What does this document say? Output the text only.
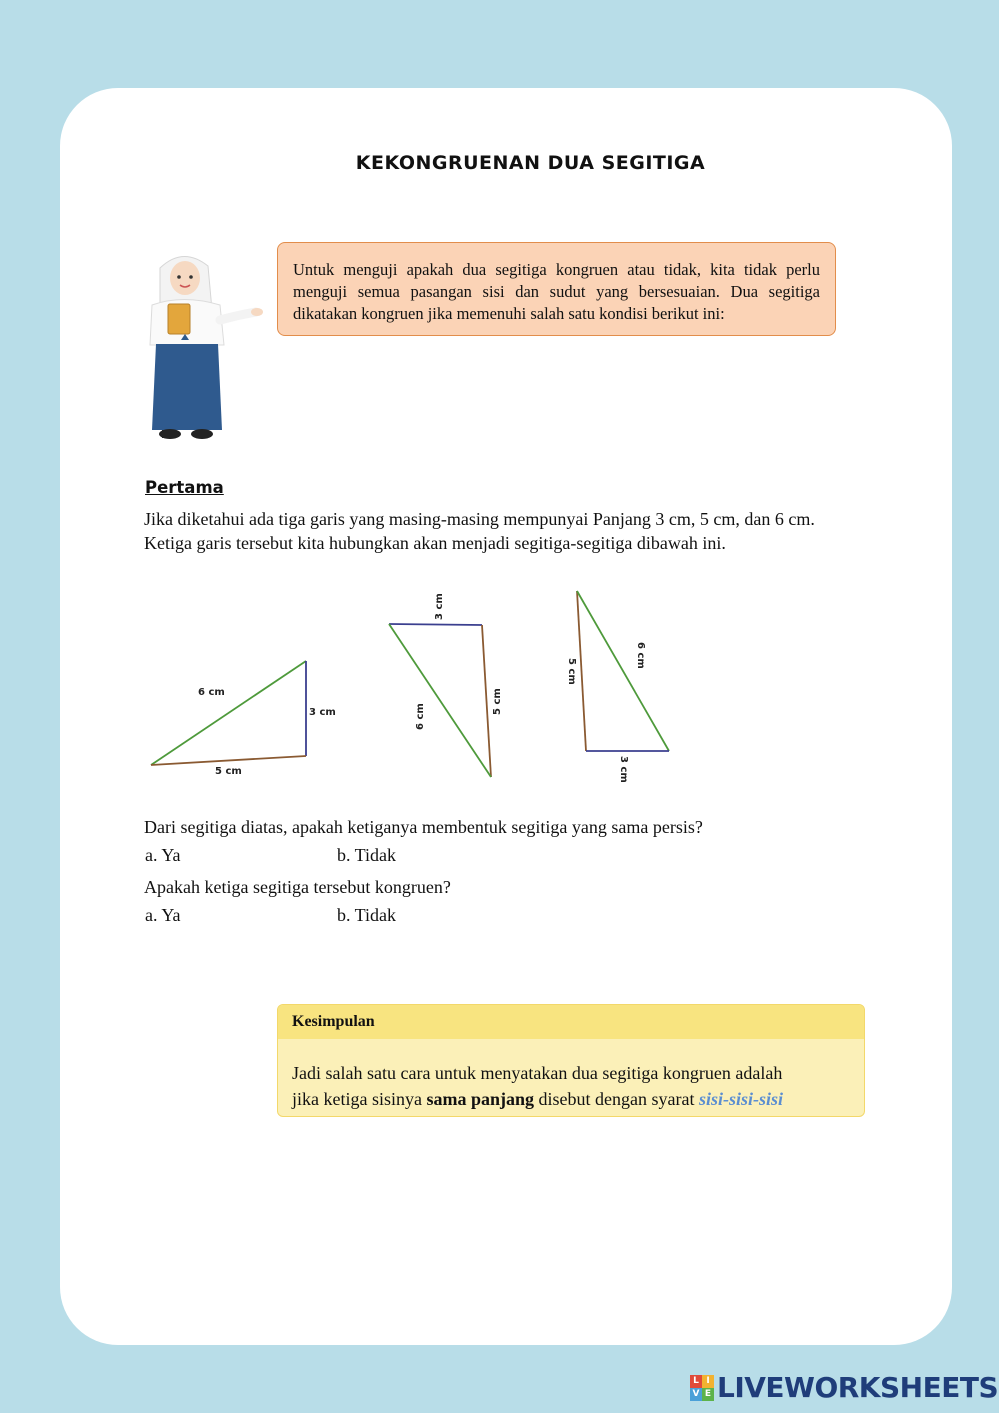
KEKONGRUENAN DUA SEGITIGA
Untuk menguji apakah dua segitiga kongruen atau tidak, kita tidak perlu menguji semua pasangan sisi dan sudut yang bersesuaian. Dua segitiga dikatakan kongruen jika memenuhi salah satu kondisi berikut ini:
Pertama
Jika diketahui ada tiga garis yang masing-masing mempunyai Panjang 3 cm, 5 cm, dan 6 cm.
Ketiga garis tersebut kita hubungkan akan menjadi segitiga-segitiga dibawah ini.
6 cm
3 cm
5 cm
3 cm
5 cm
6 cm
5 cm
6 cm
3 cm
Dari segitiga diatas, apakah ketiganya membentuk segitiga yang sama persis?
a. Ya	b. Tidak
Apakah ketiga segitiga tersebut kongruen?
a. Ya	b. Tidak
Kesimpulan
Jadi salah satu cara untuk menyatakan dua segitiga kongruen adalah
jika ketiga sisinya sama panjang disebut dengan syarat sisi-sisi-sisi
L I
V E LIVEWORKSHEETS
